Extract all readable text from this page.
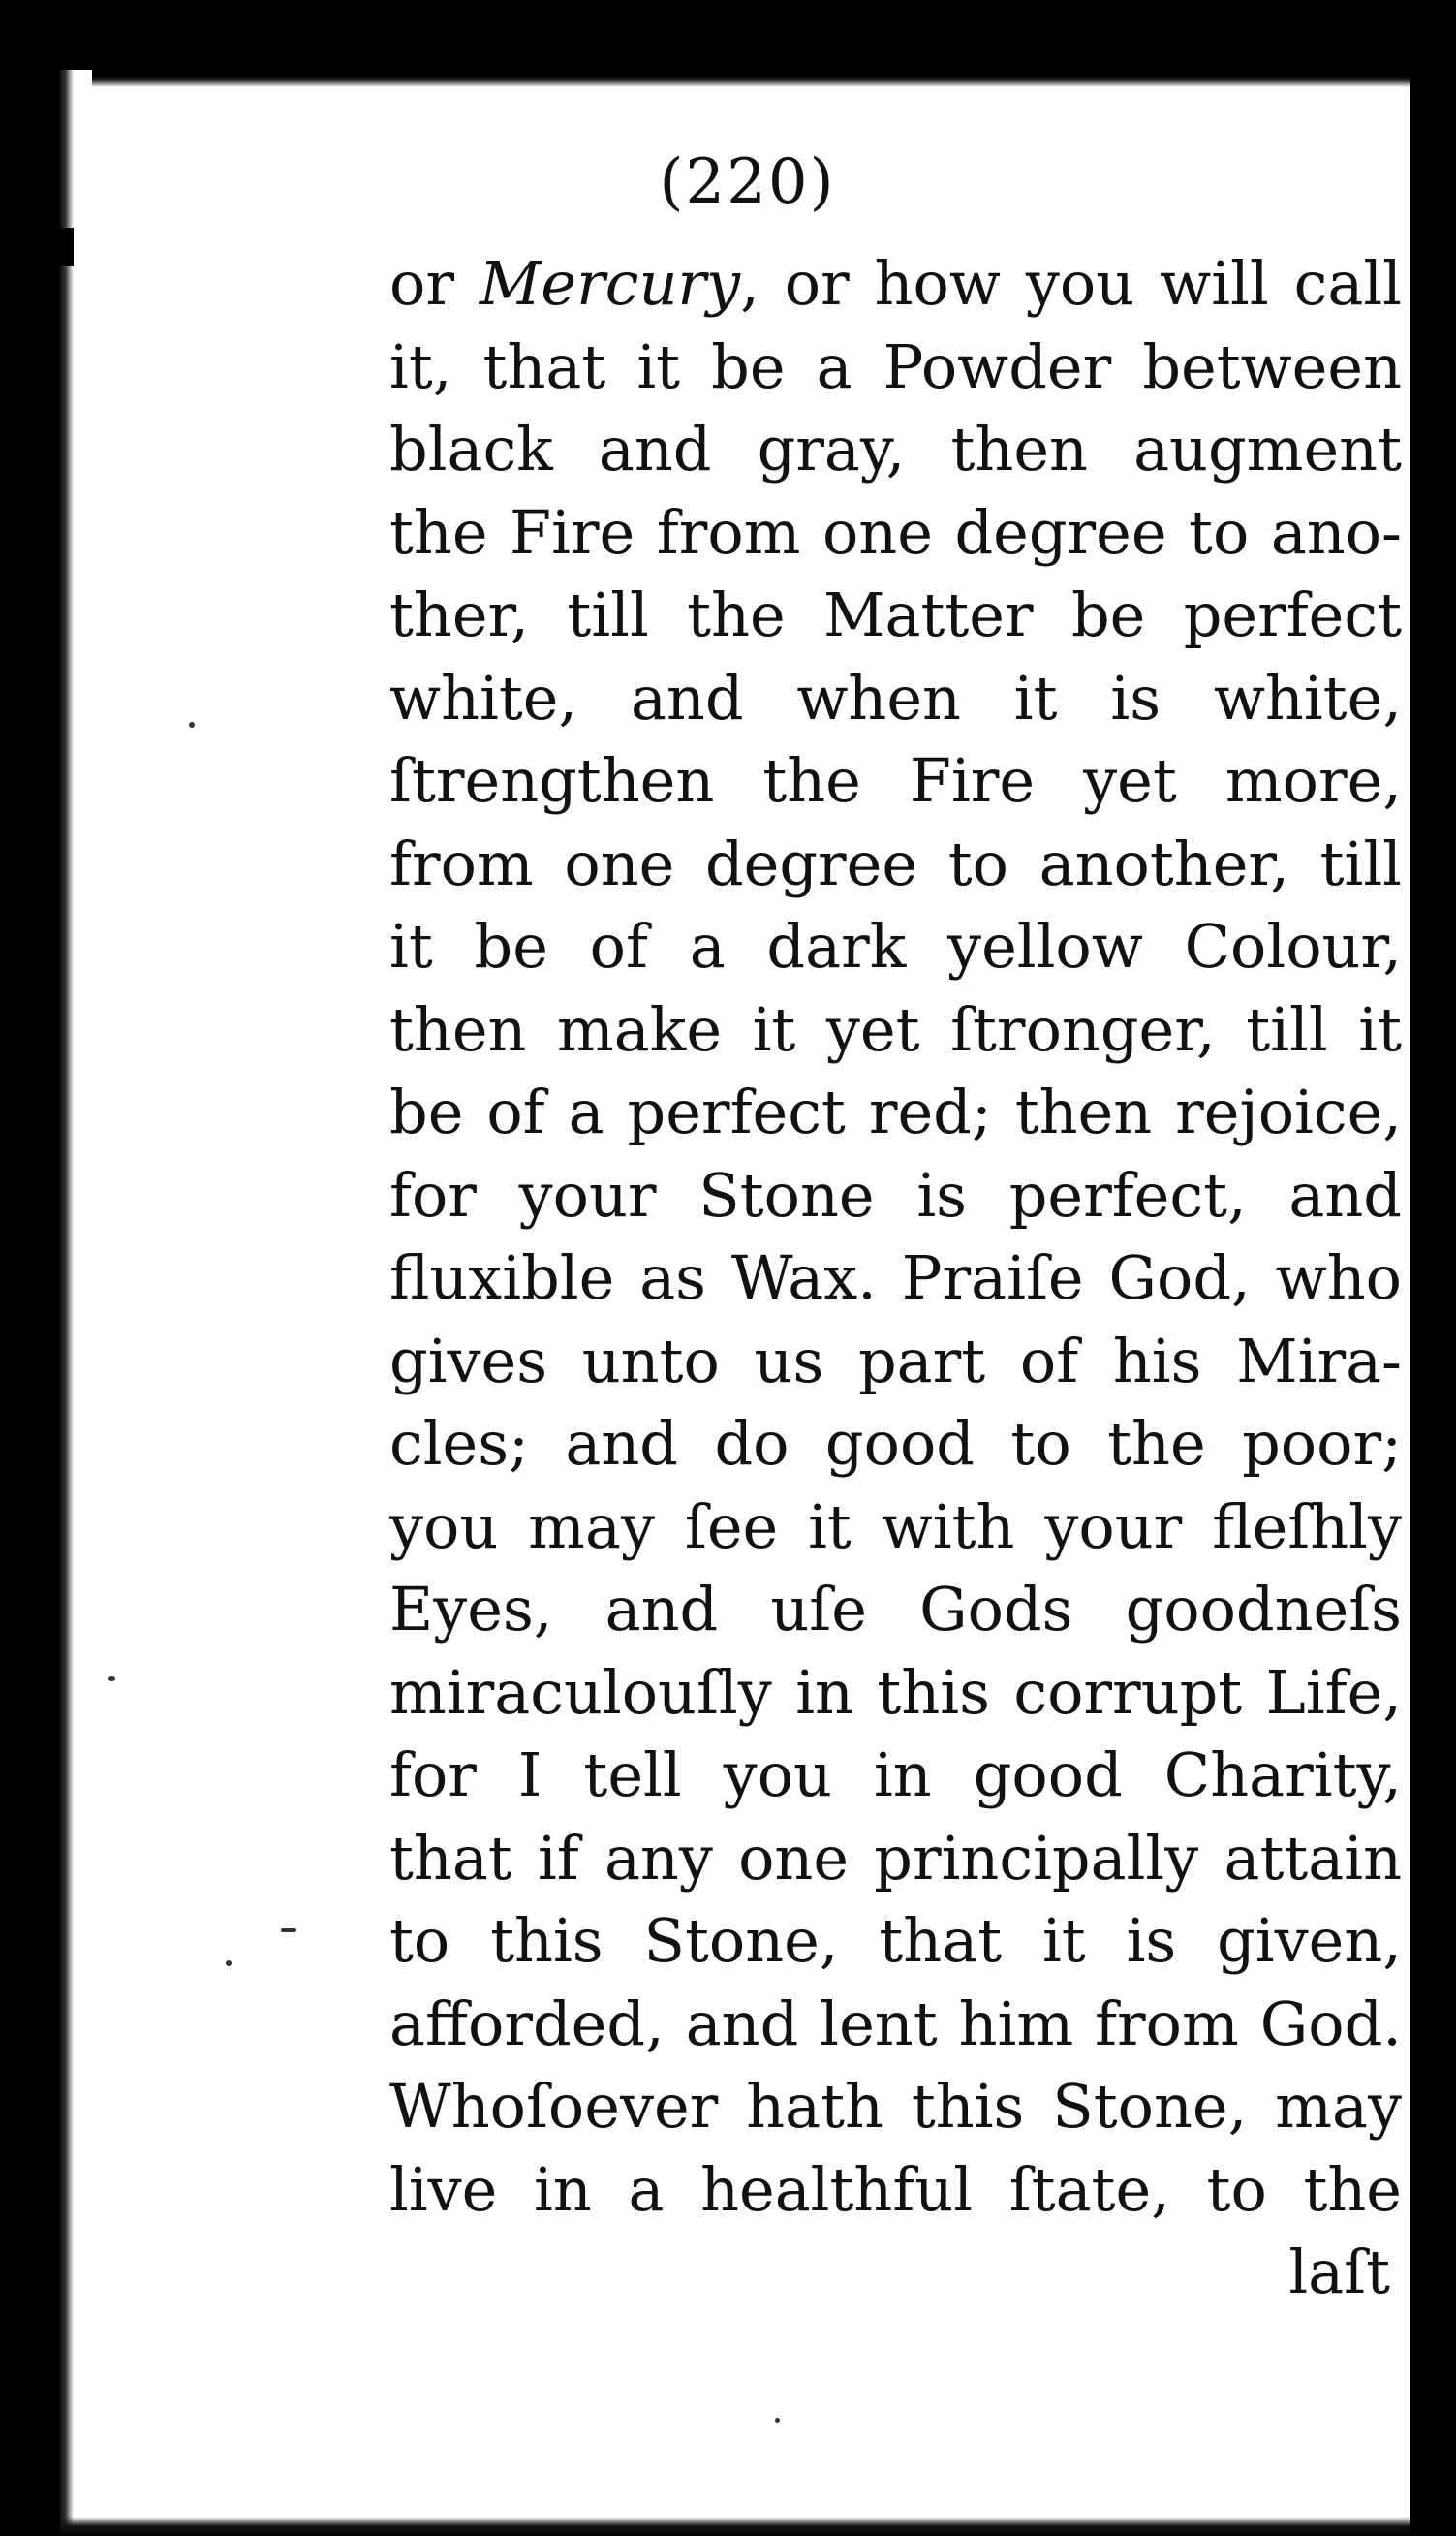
(220)
or Mercury, or how you will call
it, that it be a Powder between
black and gray, then augment
the Fire from one degree to ano-
ther, till the Matter be perfect
white, and when it is white,
ſtrengthen the Fire yet more,
from one degree to another, till
it be of a dark yellow Colour,
then make it yet ſtronger, till it
be of a perfect red; then rejoice,
for your Stone is perfect, and
fluxible as Wax. Praiſe God, who
gives unto us part of his Mira-
cles; and do good to the poor;
you may ſee it with your fleſhly
Eyes, and uſe Gods goodneſs
miraculouſly in this corrupt Life,
for I tell you in good Charity,
that if any one principally attain
to this Stone, that it is given,
afforded, and lent him from God.
Whoſoever hath this Stone, may
live in a healthful ſtate, to the
laſt
